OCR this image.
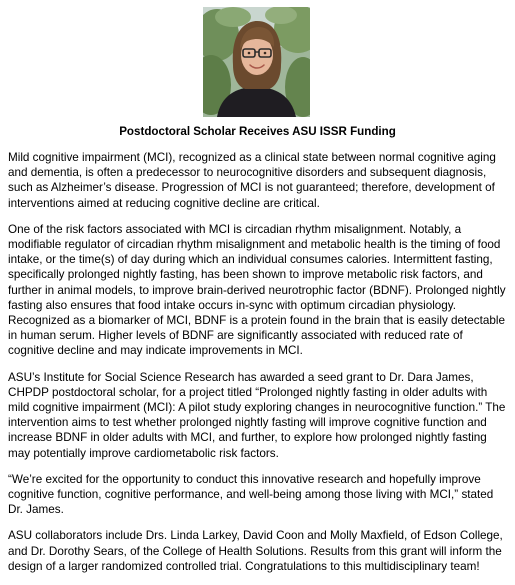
Postdoctoral Scholar Receives ASU ISSR Funding

Mild cognitive impairment (MCI), recognized as a clinical state between normal cognitive aging and dementia, is often a predecessor to neurocognitive disorders and subsequent diagnosis, such as Alzheimer’s disease. Progression of MCI is not guaranteed; therefore, development of interventions aimed at reducing cognitive decline are critical.

One of the risk factors associated with MCI is circadian rhythm misalignment. Notably, a modifiable regulator of circadian rhythm misalignment and metabolic health is the timing of food intake, or the time(s) of day during which an individual consumes calories. Intermittent fasting, specifically prolonged nightly fasting, has been shown to improve metabolic risk factors, and further in animal models, to improve brain-derived neurotrophic factor (BDNF). Prolonged nightly fasting also ensures that food intake occurs in-sync with optimum circadian physiology. Recognized as a biomarker of MCI, BDNF is a protein found in the brain that is easily detectable in human serum. Higher levels of BDNF are significantly associated with reduced rate of cognitive decline and may indicate improvements in MCI.

ASU’s Institute for Social Science Research has awarded a seed grant to Dr. Dara James, CHPDP postdoctoral scholar, for a project titled “Prolonged nightly fasting in older adults with mild cognitive impairment (MCI): A pilot study exploring changes in neurocognitive function.” The intervention aims to test whether prolonged nightly fasting will improve cognitive function and increase BDNF in older adults with MCI, and further, to explore how prolonged nightly fasting may potentially improve cardiometabolic risk factors.

“We’re excited for the opportunity to conduct this innovative research and hopefully improve cognitive function, cognitive performance, and well-being among those living with MCI,” stated Dr. James.

ASU collaborators include Drs. Linda Larkey, David Coon and Molly Maxfield, of Edson College, and Dr. Dorothy Sears, of the College of Health Solutions. Results from this grant will inform the design of a larger randomized controlled trial. Congratulations to this multidisciplinary team!
